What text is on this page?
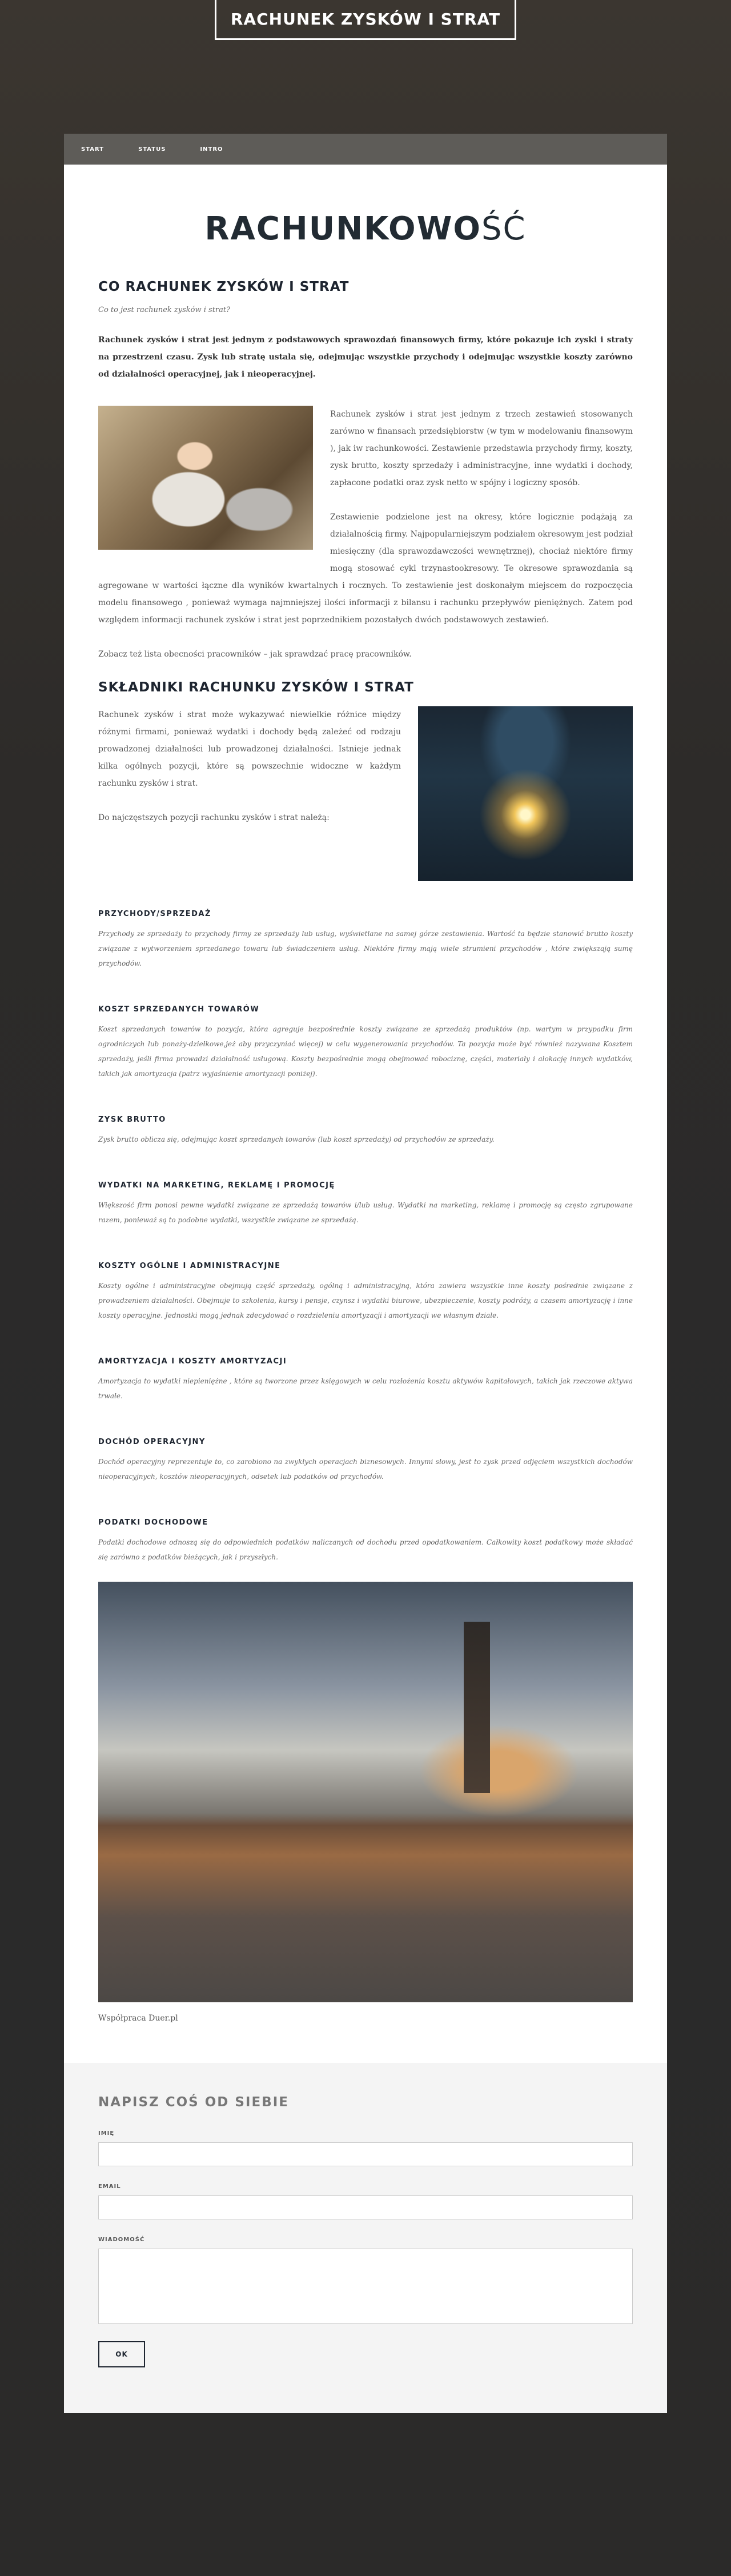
RACHUNEK ZYSKÓW I STRAT
START	STATUS	INTRO
RACHUNKOWOŚĆ
CO RACHUNEK ZYSKÓW I STRAT

Co to jest rachunek zysków i strat?

Rachunek zysków i strat jest jednym z podstawowych sprawozdań finansowych firmy, które pokazuje ich zyski i straty na przestrzeni czasu. Zysk lub stratę ustala się, odejmując wszystkie przychody i odejmując wszystkie koszty zarówno od działalności operacyjnej, jak i nieoperacyjnej.

Rachunek zysków i strat jest jednym z trzech zestawień stosowanych zarówno w finansach przedsiębiorstw (w tym w modelowaniu finansowym ), jak iw rachunkowości. Zestawienie przedstawia przychody firmy, koszty, zysk brutto, koszty sprzedaży i administracyjne, inne wydatki i dochody, zapłacone podatki oraz zysk netto w spójny i logiczny sposób.

Zestawienie podzielone jest na okresy, które logicznie podążają za działalnością firmy. Najpopularniejszym podziałem okresowym jest podział miesięczny (dla sprawozdawczości wewnętrznej), chociaż niektóre firmy mogą stosować cykl trzynastookresowy. Te okresowe sprawozdania są agregowane w wartości łączne dla wyników kwartalnych i rocznych. To zestawienie jest doskonałym miejscem do rozpoczęcia modelu finansowego , ponieważ wymaga najmniejszej ilości informacji z bilansu i rachunku przepływów pieniężnych. Zatem pod względem informacji rachunek zysków i strat jest poprzednikiem pozostałych dwóch podstawowych zestawień.

Zobacz też lista obecności pracowników – jak sprawdzać pracę pracowników.

SKŁADNIKI RACHUNKU ZYSKÓW I STRAT

Rachunek zysków i strat może wykazywać niewielkie różnice między różnymi firmami, ponieważ wydatki i dochody będą zależeć od rodzaju prowadzonej działalności lub prowadzonej działalności. Istnieje jednak kilka ogólnych pozycji, które są powszechnie widoczne w każdym rachunku zysków i strat.

Do najczęstszych pozycji rachunku zysków i strat należą:

PRZYCHODY/SPRZEDAŻ

Przychody ze sprzedaży to przychody firmy ze sprzedaży lub usług, wyświetlane na samej górze zestawienia. Wartość ta będzie stanowić brutto koszty związane z wytworzeniem sprzedanego towaru lub świadczeniem usług. Niektóre firmy mają wiele strumieni przychodów , które zwiększają sumę przychodów.

KOSZT SPRZEDANYCH TOWARÓW

Koszt sprzedanych towarów to pozycja, która agreguje bezpośrednie koszty związane ze sprzedażą produktów (np. wartym w przypadku firm ogrodniczych lub ponaży-dziełkowe,jeż aby przyczyniać więcej) w celu wygenerowania przychodów. Ta pozycja może być również nazywana Kosztem sprzedaży, jeśli firma prowadzi działalność usługową. Koszty bezpośrednie mogą obejmować robociznę, części, materiały i alokację innych wydatków, takich jak amortyzacja (patrz wyjaśnienie amortyzacji poniżej).

ZYSK BRUTTO

Zysk brutto oblicza się, odejmując koszt sprzedanych towarów (lub koszt sprzedaży) od przychodów ze sprzedaży.

WYDATKI NA MARKETING, REKLAMĘ I PROMOCJĘ

Większość firm ponosi pewne wydatki związane ze sprzedażą towarów i/lub usług. Wydatki na marketing, reklamę i promocję są często zgrupowane razem, ponieważ są to podobne wydatki, wszystkie związane ze sprzedażą.

KOSZTY OGÓLNE I ADMINISTRACYJNE

Koszty ogólne i administracyjne obejmują część sprzedaży, ogólną i administracyjną, która zawiera wszystkie inne koszty pośrednie związane z prowadzeniem działalności. Obejmuje to szkolenia, kursy i pensje, czynsz i wydatki biurowe, ubezpieczenie, koszty podróży, a czasem amortyzację i inne koszty operacyjne. Jednostki mogą jednak zdecydować o rozdzieleniu amortyzacji i amortyzacji we własnym dziale.

AMORTYZACJA I KOSZTY AMORTYZACJI

Amortyzacja to wydatki niepieniężne , które są tworzone przez księgowych w celu rozłożenia kosztu aktywów kapitałowych, takich jak rzeczowe aktywa trwałe.

DOCHÓD OPERACYJNY

Dochód operacyjny reprezentuje to, co zarobiono na zwykłych operacjach biznesowych. Innymi słowy, jest to zysk przed odjęciem wszystkich dochodów nieoperacyjnych, kosztów nieoperacyjnych, odsetek lub podatków od przychodów.

PODATKI DOCHODOWE

Podatki dochodowe odnoszą się do odpowiednich podatków naliczanych od dochodu przed opodatkowaniem. Całkowity koszt podatkowy może składać się zarówno z podatków bieżących, jak i przyszłych.

Współpraca Duer.pl

NAPISZ COŚ OD SIEBIE
IMIĘ
EMAIL
WIADOMOŚĆ
OK
